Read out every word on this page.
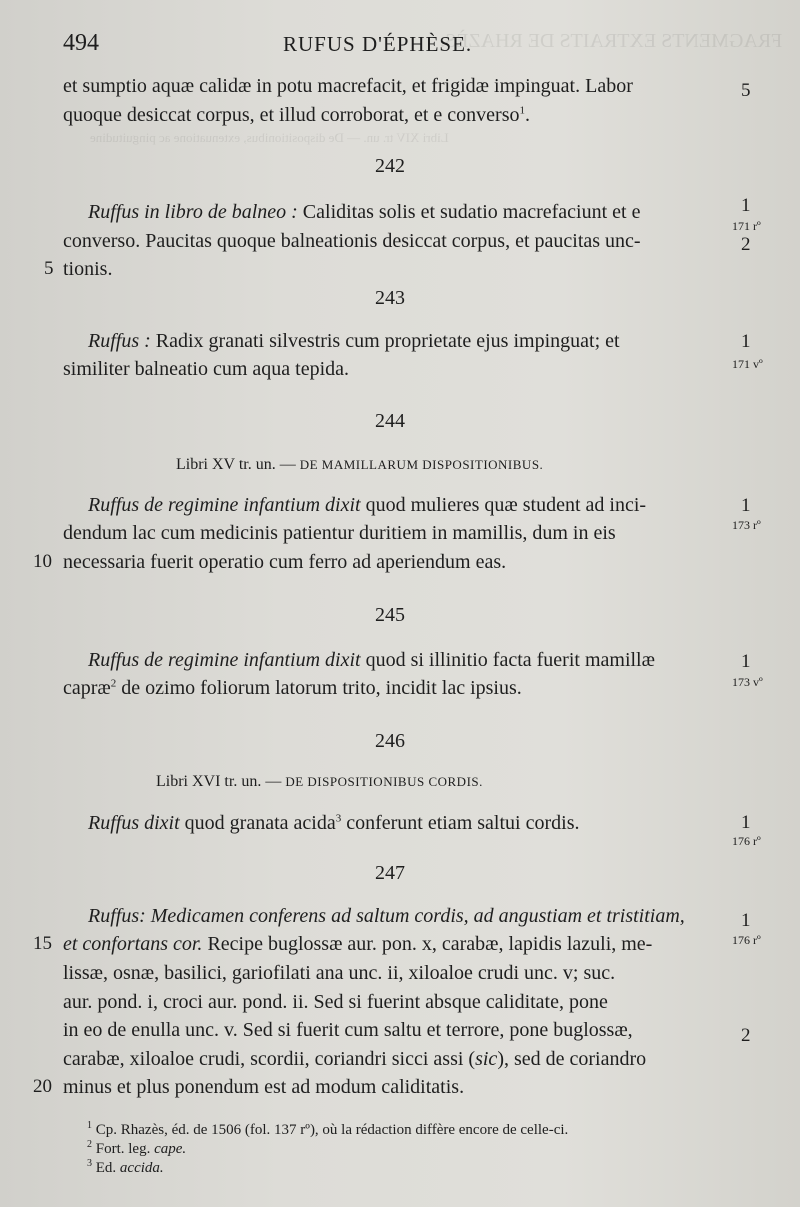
FRAGMENTS EXTRAITS DE RHAZÈS.
Libri XIV tr. un. — De dispositionibus, extenuatione ac pinguitudine
494	RUFUS D'ÉPHÈSE.
et sumptio aquæ calidæ in potu macrefacit, et frigidæ impinguat. Labor
quoque desiccat corpus, et illud corroborat, et e converso$^1$.
242
Ruffus in libro de balneo : Caliditas solis et sudatio macrefaciunt et e
converso. Paucitas quoque balneationis desiccat corpus, et paucitas unc-
tionis.
243
Ruffus : Radix granati silvestris cum proprietate ejus impinguat; et
similiter balneatio cum aqua tepida.
244
Libri XV tr. un. — DE MAMILLARUM DISPOSITIONIBUS.
Ruffus de regimine infantium dixit quod mulieres quæ student ad inci-
dendum lac cum medicinis patientur duritiem in mamillis, dum in eis
necessaria fuerit operatio cum ferro ad aperiendum eas.
245
Ruffus de regimine infantium dixit quod si illinitio facta fuerit mamillæ
capræ$^2$ de ozimo foliorum latorum trito, incidit lac ipsius.
246
Libri XVI tr. un. — DE DISPOSITIONIBUS CORDIS.
Ruffus dixit quod granata acida$^3$ conferunt etiam saltui cordis.
247
Ruffus: Medicamen conferens ad saltum cordis, ad angustiam et tristitiam,
et confortans cor. Recipe buglossæ aur. pon. x, carabæ, lapidis lazuli, me-
lissæ, osnæ, basilici, gariofilati ana unc. ii, xiloaloe crudi unc. v; suc.
aur. pond. i, croci aur. pond. ii. Sed si fuerint absque caliditate, pone
in eo de enulla unc. v. Sed si fuerit cum saltu et terrore, pone buglossæ,
carabæ, xiloaloe crudi, scordii, coriandri sicci assi (sic), sed de coriandro
minus et plus ponendum est ad modum caliditatis.
5
10
15
20
5
1
171 rº
2
1
171 vº
1
173 rº
1
173 vº
1
176 rº
1
176 rº
2
$^1$ Cp. Rhazès, éd. de 1506 (fol. 137 rº), où la rédaction diffère encore de celle-ci.
$^2$ Fort. leg. cape.
$^3$ Ed. accida.
